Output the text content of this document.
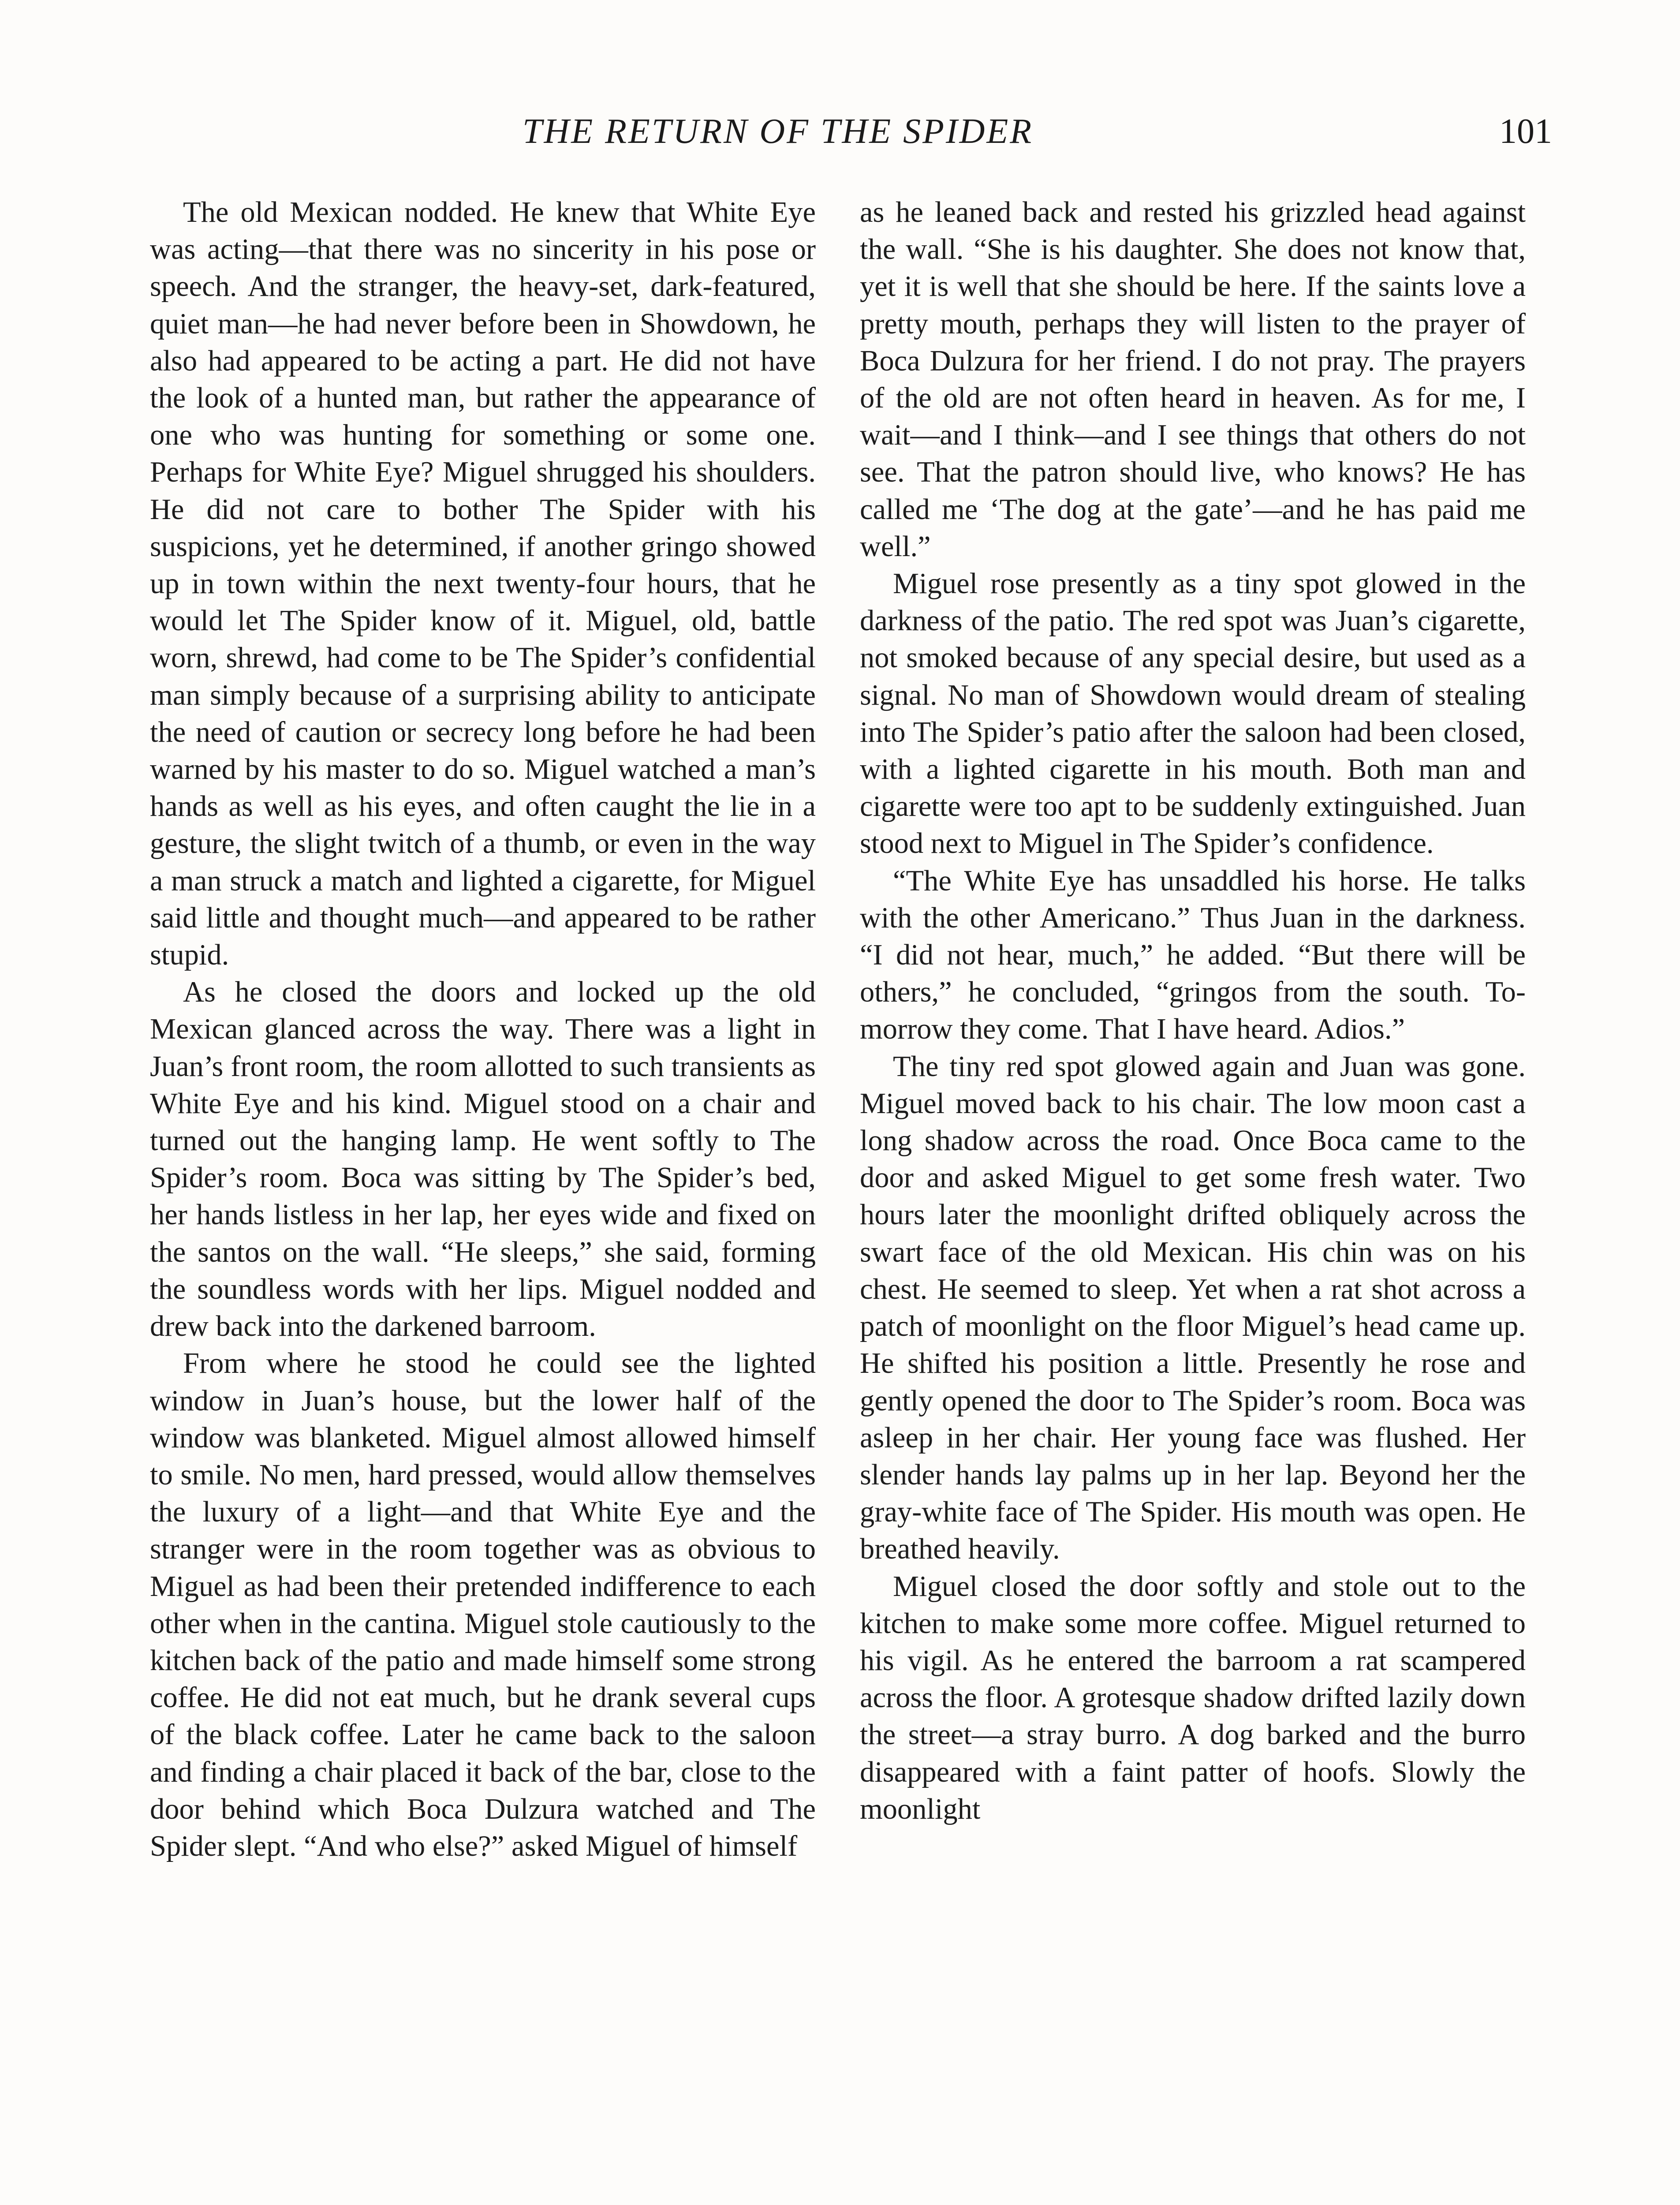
THE RETURN OF THE SPIDER	101

The old Mexican nodded. He knew that White Eye was acting—that there was no sincerity in his pose or speech. And the stranger, the heavy-set, dark-featured, quiet man—he had never before been in Showdown, he also had appeared to be acting a part. He did not have the look of a hunted man, but rather the appearance of one who was hunting for something or some one. Perhaps for White Eye? Miguel shrugged his shoulders. He did not care to bother The Spider with his suspicions, yet he determined, if another gringo showed up in town within the next twenty-four hours, that he would let The Spider know of it. Miguel, old, battle worn, shrewd, had come to be The Spider’s confidential man simply because of a surprising ability to anticipate the need of caution or secrecy long before he had been warned by his master to do so. Miguel watched a man’s hands as well as his eyes, and often caught the lie in a gesture, the slight twitch of a thumb, or even in the way a man struck a match and lighted a cigarette, for Miguel said little and thought much—and appeared to be rather stupid.

As he closed the doors and locked up the old Mexican glanced across the way. There was a light in Juan’s front room, the room allotted to such transients as White Eye and his kind. Miguel stood on a chair and turned out the hanging lamp. He went softly to The Spider’s room. Boca was sitting by The Spider’s bed, her hands listless in her lap, her eyes wide and fixed on the santos on the wall. “He sleeps,” she said, forming the soundless words with her lips. Miguel nodded and drew back into the darkened barroom.

From where he stood he could see the lighted window in Juan’s house, but the lower half of the window was blanketed. Miguel almost allowed himself to smile. No men, hard pressed, would allow themselves the luxury of a light—and that White Eye and the stranger were in the room together was as obvious to Miguel as had been their pretended indifference to each other when in the cantina. Miguel stole cautiously to the kitchen back of the patio and made himself some strong coffee. He did not eat much, but he drank several cups of the black coffee. Later he came back to the saloon and finding a chair placed it back of the bar, close to the door behind which Boca Dulzura watched and The Spider slept. “And who else?” asked Miguel of himself

as he leaned back and rested his grizzled head against the wall. “She is his daughter. She does not know that, yet it is well that she should be here. If the saints love a pretty mouth, perhaps they will listen to the prayer of Boca Dulzura for her friend. I do not pray. The prayers of the old are not often heard in heaven. As for me, I wait—and I think—and I see things that others do not see. That the patron should live, who knows? He has called me ‘The dog at the gate’—and he has paid me well.”

Miguel rose presently as a tiny spot glowed in the darkness of the patio. The red spot was Juan’s cigarette, not smoked because of any special desire, but used as a signal. No man of Showdown would dream of stealing into The Spider’s patio after the saloon had been closed, with a lighted cigarette in his mouth. Both man and cigarette were too apt to be suddenly extinguished. Juan stood next to Miguel in The Spider’s confidence.

“The White Eye has unsaddled his horse. He talks with the other Americano.” Thus Juan in the darkness. “I did not hear, much,” he added. “But there will be others,” he concluded, “gringos from the south. To-morrow they come. That I have heard. Adios.”

The tiny red spot glowed again and Juan was gone. Miguel moved back to his chair. The low moon cast a long shadow across the road. Once Boca came to the door and asked Miguel to get some fresh water. Two hours later the moonlight drifted obliquely across the swart face of the old Mexican. His chin was on his chest. He seemed to sleep. Yet when a rat shot across a patch of moonlight on the floor Miguel’s head came up. He shifted his position a little. Presently he rose and gently opened the door to The Spider’s room. Boca was asleep in her chair. Her young face was flushed. Her slender hands lay palms up in her lap. Beyond her the gray-white face of The Spider. His mouth was open. He breathed heavily.

Miguel closed the door softly and stole out to the kitchen to make some more coffee. Miguel returned to his vigil. As he entered the barroom a rat scampered across the floor. A grotesque shadow drifted lazily down the street—a stray burro. A dog barked and the burro disappeared with a faint patter of hoofs. Slowly the moonlight
